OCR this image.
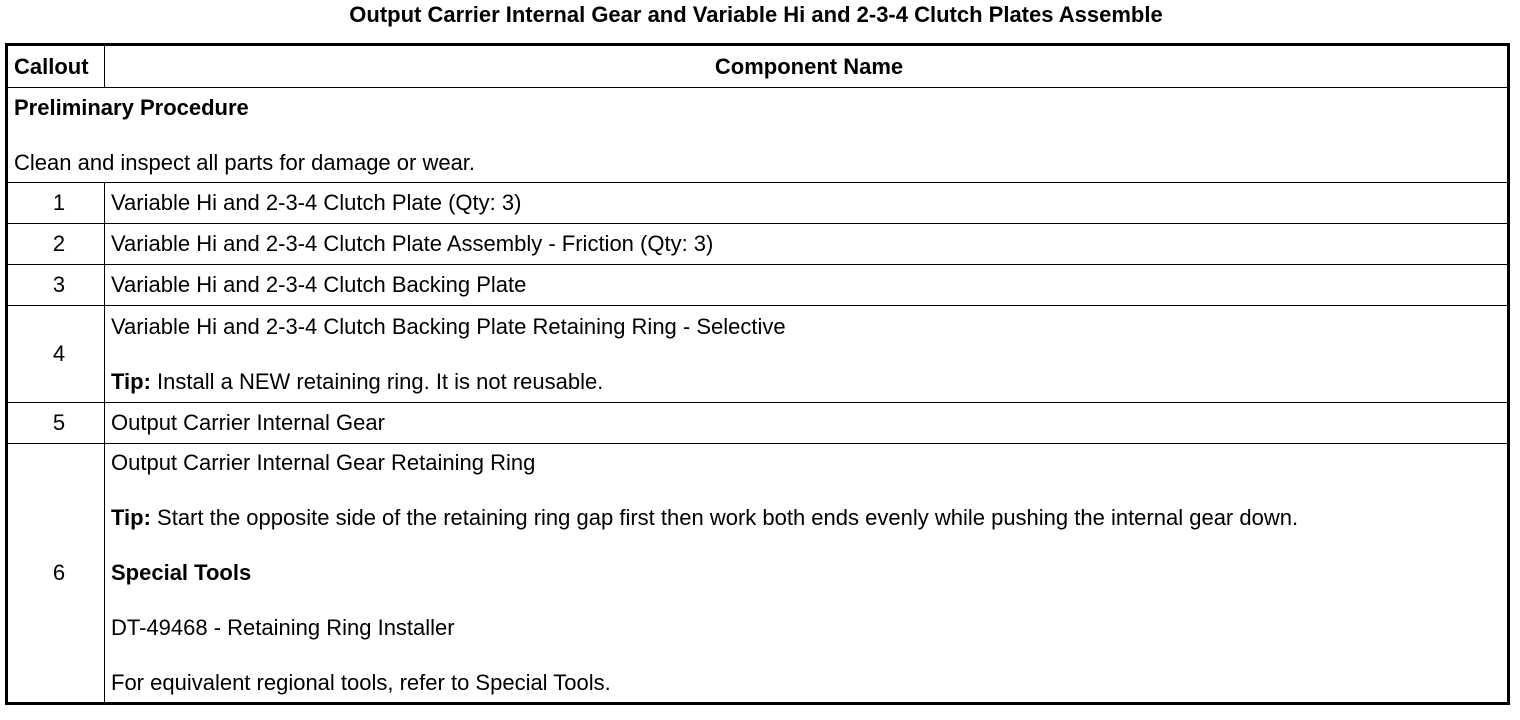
Output Carrier Internal Gear and Variable Hi and 2-3-4 Clutch Plates Assemble
Callout	Component Name

Preliminary Procedure
Clean and inspect all parts for damage or wear.	

1	Variable Hi and 2-3-4 Clutch Plate (Qty: 3)
2	Variable Hi and 2-3-4 Clutch Plate Assembly - Friction (Qty: 3)
3	Variable Hi and 2-3-4 Clutch Backing Plate
4	Variable Hi and 2-3-4 Clutch Backing Plate Retaining Ring - Selective
Tip: Install a NEW retaining ring. It is not reusable.

5	Output Carrier Internal Gear
6	Output Carrier Internal Gear Retaining Ring
Tip: Start the opposite side of the retaining ring gap first then work both ends evenly while pushing the internal gear down.
Special Tools
DT-49468 - Retaining Ring Installer
For equivalent regional tools, refer to Special Tools.
